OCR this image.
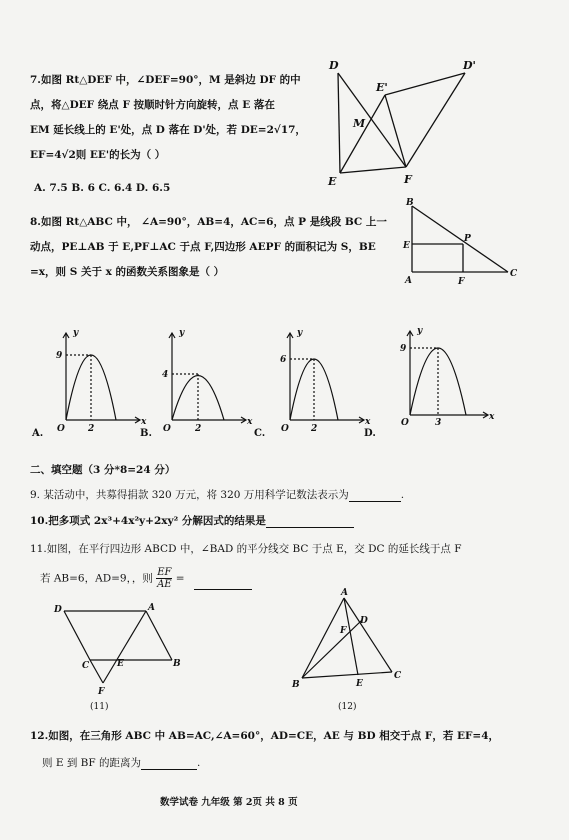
7.如图 Rt△DEF 中，∠DEF=90°，M 是斜边 DF 的中
点，将△DEF 绕点 F 按顺时针方向旋转，点 E 落在
EM 延长线上的 E'处，点 D 落在 D'处，若 DE=2√17，
EF=4√2则 EE'的长为（ ）
A. 7.5 B. 6 C. 6.4 D. 6.5
D	D'
E'
M
E	F
8.如图 Rt△ABC 中， ∠A=90°，AB=4，AC=6，点 P 是线段 BC 上一
动点，PE⊥AB 于 E,PF⊥AC 于点 F,四边形 AEPF 的面积记为 S，BE
=x，则 S 关于 x 的函数关系图象是（ ）
B
E
P
A	F
C
y
x
9
2
O
A.
y
x
4
2
O
B.
y
x
6
2
O
C.
y
x
9
3
O
D.
二、填空题（3 分*8=24 分）
9. 某活动中，共募得捐款 320 万元，将 320 万用科学记数法表示为	.
10.把多项式 2x³+4x²y+2xy² 分解因式的结果是
11.如图，在平行四边形 ABCD 中，∠BAD 的平分线交 BC 于点 E，交 DC 的延长线于点 F
若 AB=6，AD=9，，则 $\frac{EF}{AE}$ =
D	A
C	E	B
F
(11)
A
D
F
B	E
C
(12)
12.如图，在三角形 ABC 中 AB=AC,∠A=60°，AD=CE，AE 与 BD 相交于点 F，若 EF=4，
则 E 到 BF 的距离为	.
数学试卷 九年级 第 2页 共 8 页
